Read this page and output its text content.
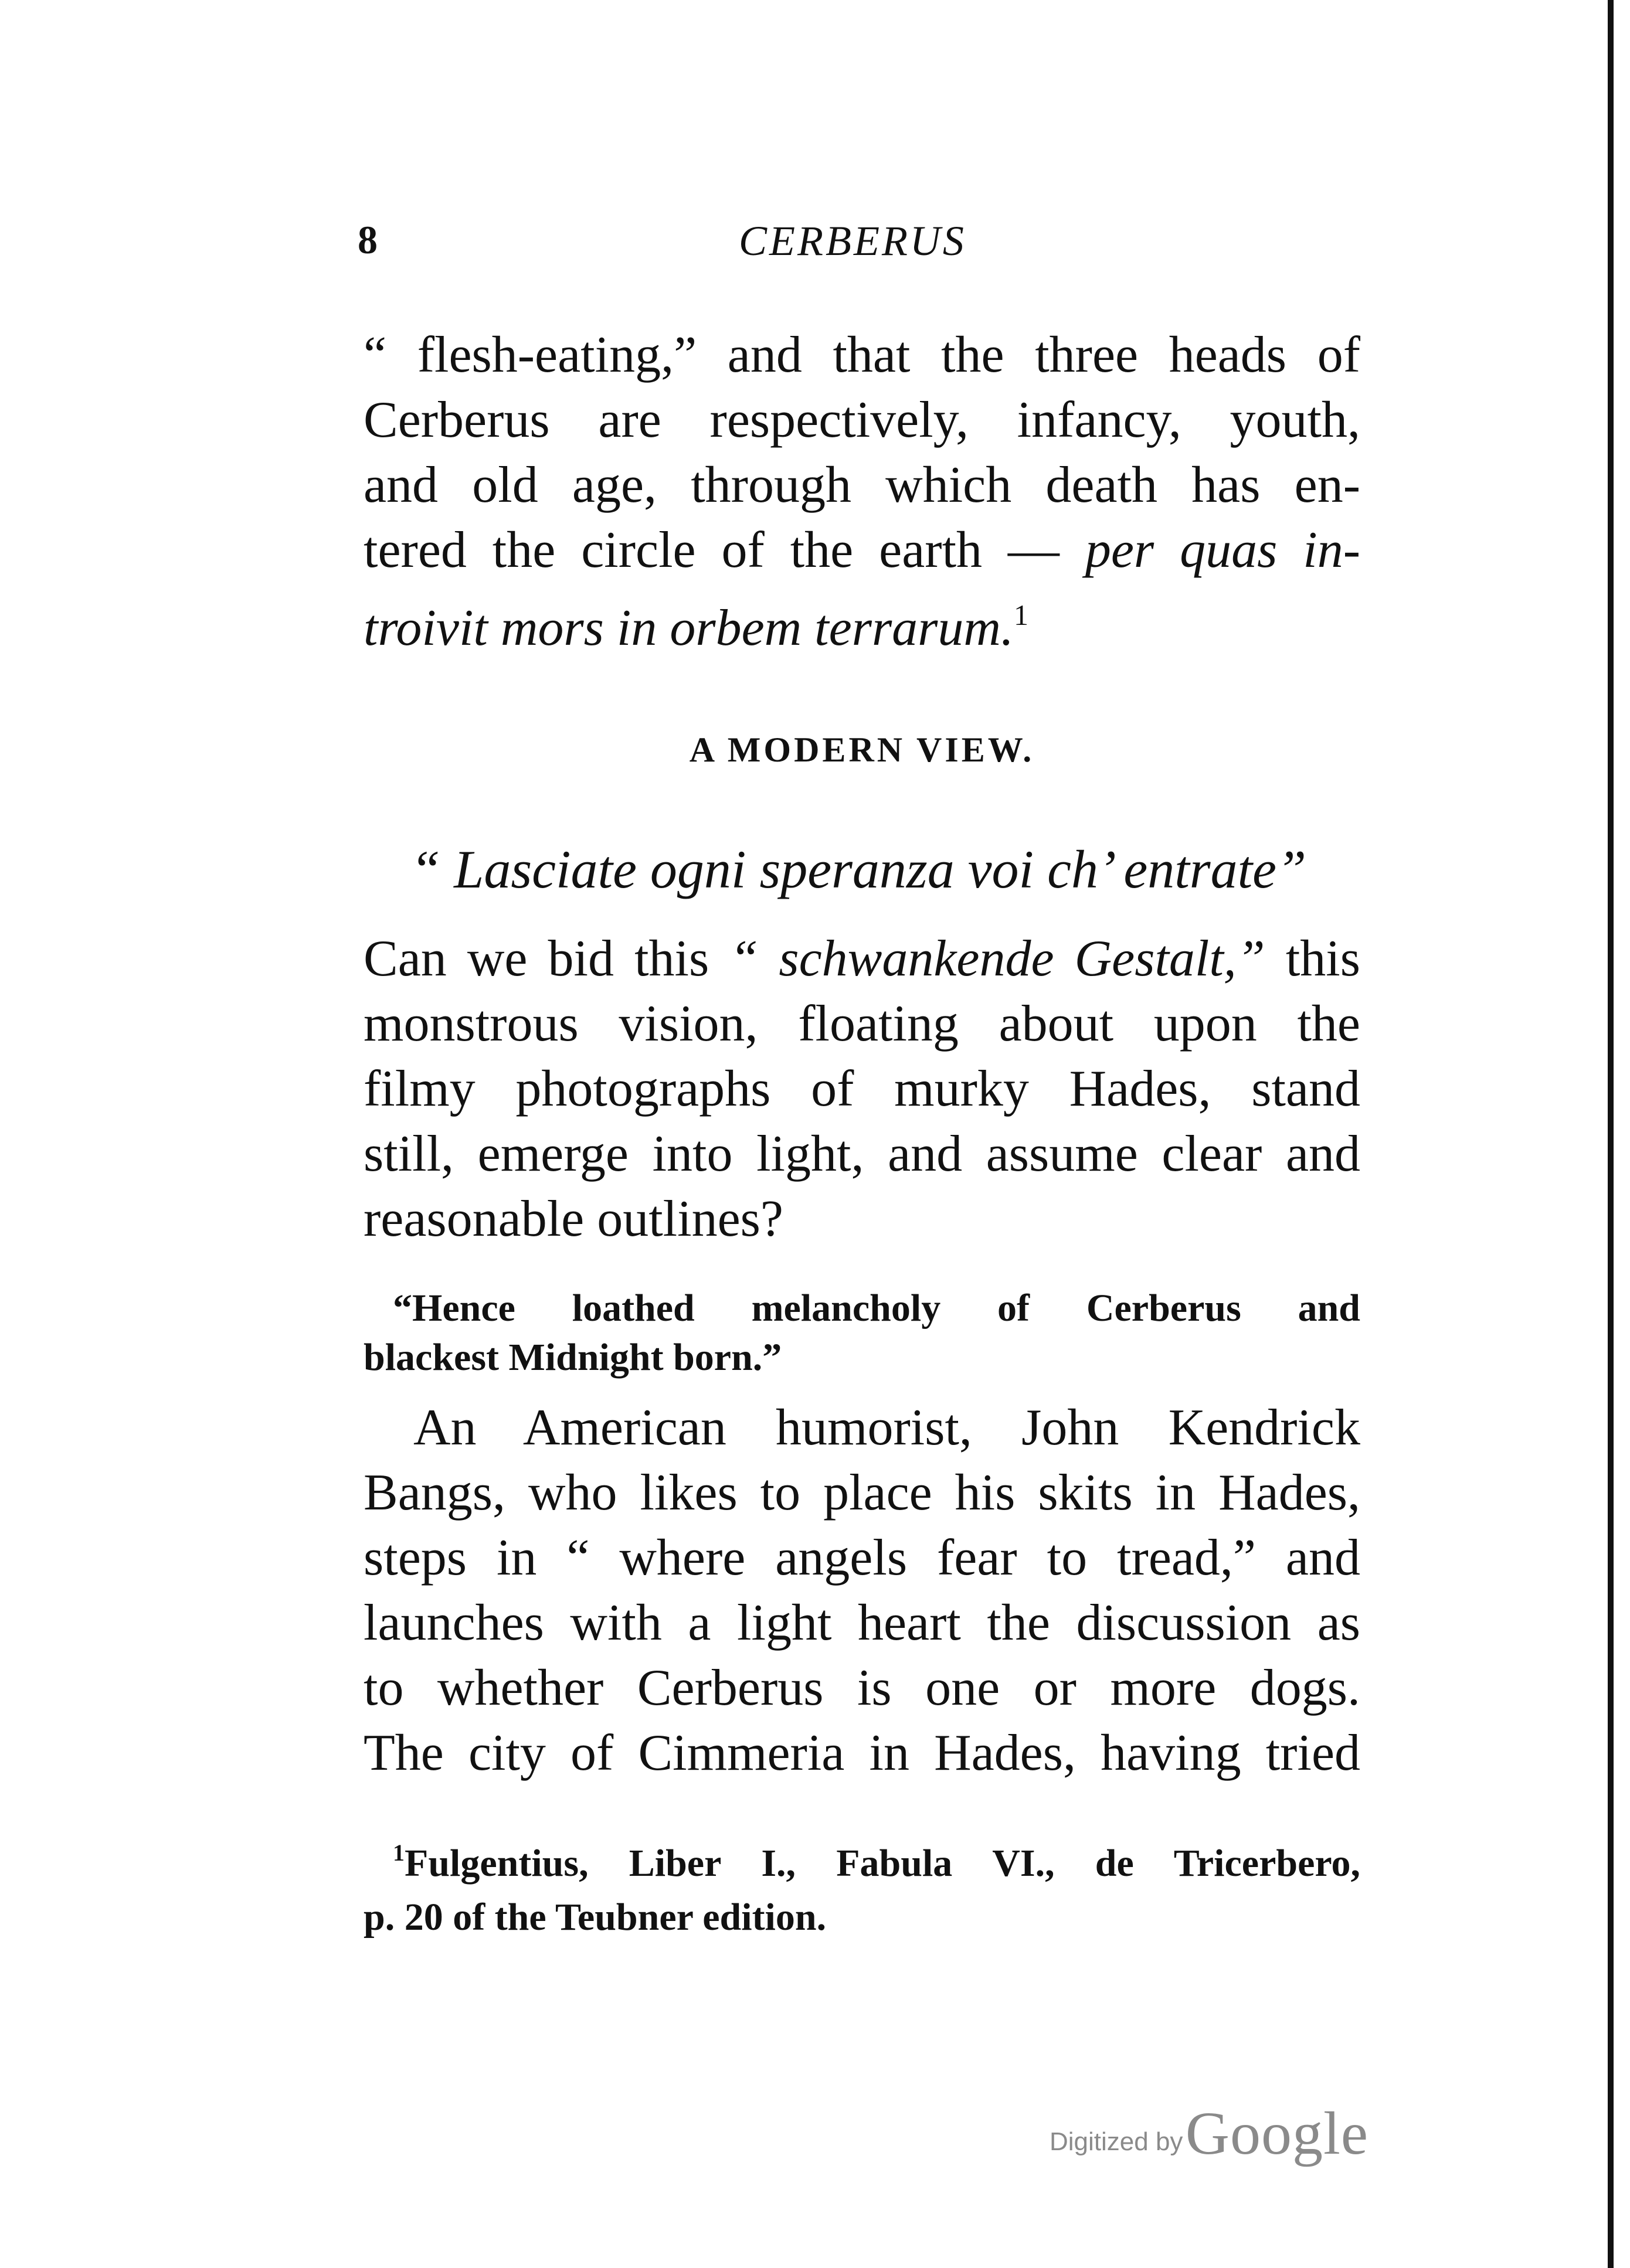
8	CERBERUS
“ flesh-eating,” and that the three heads of
Cerberus are respectively, infancy, youth,
and old age, through which death has en-
tered the circle of the earth — per quas in-
troivit mors in orbem terrarum.$^1$
A MODERN VIEW.
“ Lasciate ogni speranza voi ch’ entrate”
Can we bid this “ schwankende Gestalt,” this
monstrous vision, floating about upon the
filmy photographs of murky Hades, stand
still, emerge into light, and assume clear and
reasonable outlines?
“Hence loathed melancholy of Cerberus and
blackest Midnight born.”
An American humorist, John Kendrick
Bangs, who likes to place his skits in Hades,
steps in “ where angels fear to tread,” and
launches with a light heart the discussion as
to whether Cerberus is one or more dogs.
The city of Cimmeria in Hades, having tried
$^1$Fulgentius, Liber I., Fabula VI., de Tricerbero,
p. 20 of the Teubner edition.
Digitized by Google
